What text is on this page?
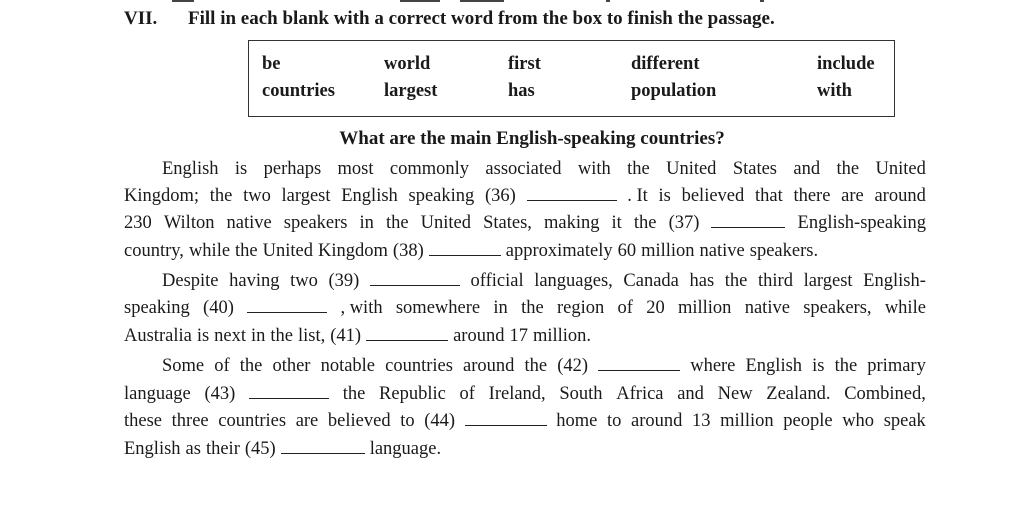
VII. Fill in each blank with a correct word from the box to finish the passage.
be	world	first	different	include
countries	largest	has	population	with
What are the main English-speaking countries?
English is perhaps most commonly associated with the United States and the United
Kingdom; the two largest English speaking (36)	. It is believed that there are around
230 Wilton native speakers in the United States, making it the (37)	English-speaking
country, while the United Kingdom (38)	approximately 60 million native speakers.
Despite having two (39)	official languages, Canada has the third largest English-
speaking (40)	, with somewhere in the region of 20 million native speakers, while
Australia is next in the list, (41)	around 17 million.
Some of the other notable countries around the (42)	where English is the primary
language (43)	the Republic of Ireland, South Africa and New Zealand. Combined,
these three countries are believed to (44)	home to around 13 million people who speak
English as their (45)	language.
